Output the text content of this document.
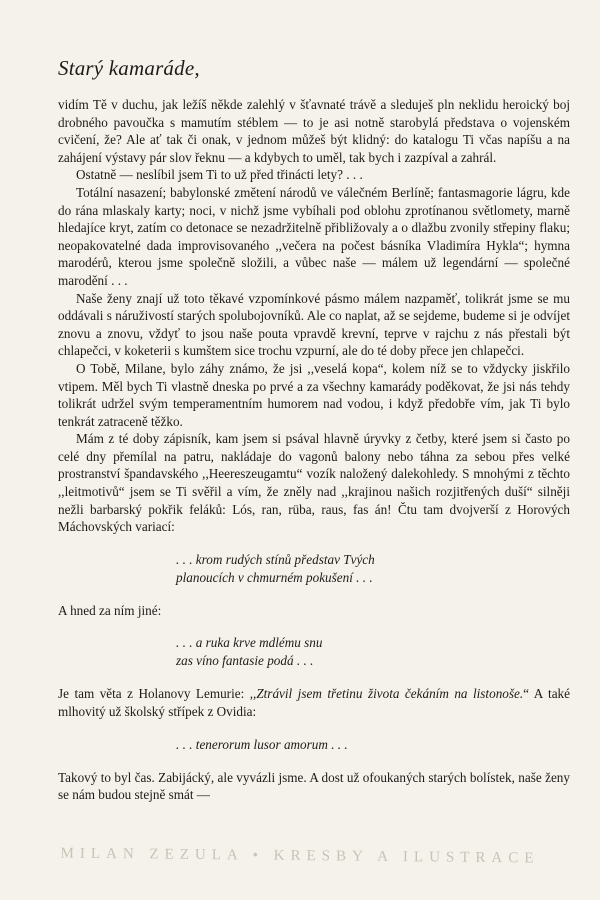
Starý kamaráde,

vidím Tě v duchu, jak ležíš někde zalehlý v šťavnaté trávě a sleduješ pln neklidu heroický boj drobného pavoučka s mamutím stéblem — to je asi notně starobylá představa o vojenském cvičení, že? Ale ať tak či onak, v jednom můžeš být klidný: do katalogu Ti včas napíšu a na zahájení výstavy pár slov řeknu — a kdybych to uměl, tak bych i zazpíval a zahrál.

Ostatně — neslíbil jsem Ti to už před třinácti lety? . . .

Totální nasazení; babylonské změtení národů ve válečném Berlíně; fantasmagorie lágru, kde do rána mlaskaly karty; noci, v nichž jsme vybíhali pod oblohu zprotínanou světlomety, marně hledajíce kryt, zatím co detonace se nezadržitelně přibližovaly a o dlažbu zvonily střepiny flaku; neopakovatelné dada improvisovaného ,,večera na počest básníka Vladimíra Hykla“; hymna marodérů, kterou jsme společně složili, a vůbec naše — málem už legendární — společné marodění . . .

Naše ženy znají už toto těkavé vzpomínkové pásmo málem nazpaměť, tolikrát jsme se mu oddávali s náruživostí starých spolubojovníků. Ale co naplat, až se sejdeme, budeme si je odvíjet znovu a znovu, vždyť to jsou naše pouta vpravdě krevní, teprve v rajchu z nás přestali být chlapečci, v koketerii s kumštem sice trochu vzpurní, ale do té doby přece jen chlapečci.

O Tobě, Milane, bylo záhy známo, že jsi ,,veselá kopa“, kolem níž se to vždycky jiskřilo vtipem. Měl bych Ti vlastně dneska po prvé a za všechny kamarády poděkovat, že jsi nás tehdy tolikrát udržel svým temperamentním humorem nad vodou, i když předobře vím, jak Ti bylo tenkrát zatraceně těžko.

Mám z té doby zápisník, kam jsem si psával hlavně úryvky z četby, které jsem si často po celé dny přemílal na patru, nakládaje do vagonů balony nebo táhna za sebou přes velké prostranství špandavského ,,Heereszeugamtu“ vozík naložený dalekohledy. S mnohými z těchto ,,leitmotivů“ jsem se Ti svěřil a vím, že zněly nad ,,krajinou našich rozjitřených duší“ silněji nežli barbarský pokřik feláků: Lós, ran, rüba, raus, fas án! Čtu tam dvojverší z Horových Máchovských variací:

. . . krom rudých stínů představ Tvých
planoucích v chmurném pokušení . . .

A hned za ním jiné:

. . . a ruka krve mdlému snu
zas víno fantasie podá . . .

Je tam věta z Holanovy Lemurie: ,,Ztrávil jsem třetinu života čekáním na listonoše.“ A také mlhovitý už školský střípek z Ovidia:

. . . tenerorum lusor amorum . . .

Takový to byl čas. Zabijácký, ale vyvázli jsme. A dost už ofoukaných starých bolístek, naše ženy se nám budou stejně smát —

MILAN ZEZULA • KRESBY A ILUSTRACE
